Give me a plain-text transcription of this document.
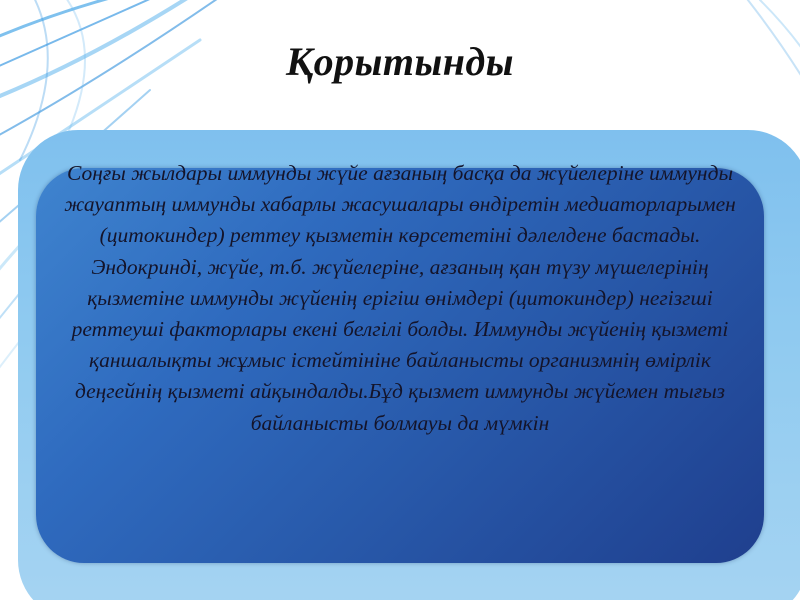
Қорытынды

Соңғы жылдары иммунды жүйе ағзаның басқа да жүйелеріне иммунды жауаптың иммунды хабарлы жасушалары өндіретін медиаторларымен (цитокиндер) реттеу қызметін көрсететіні дәлелдене бастады. Эндокринді, жүйе, т.б. жүйелеріне, ағзаның қан түзу мүшелерінің қызметіне иммунды жүйенің ерігіш өнімдері (цитокиндер) негізгші реттеуші факторлары екені белгілі болды. Иммунды жүйенің қызметі қаншалықты жұмыс істейтініне байланысты организмнің өмірлік деңгейнің қызметі айқындалды.Бұд қызмет иммунды жүйемен тығыз байланысты болмауы да мүмкін
